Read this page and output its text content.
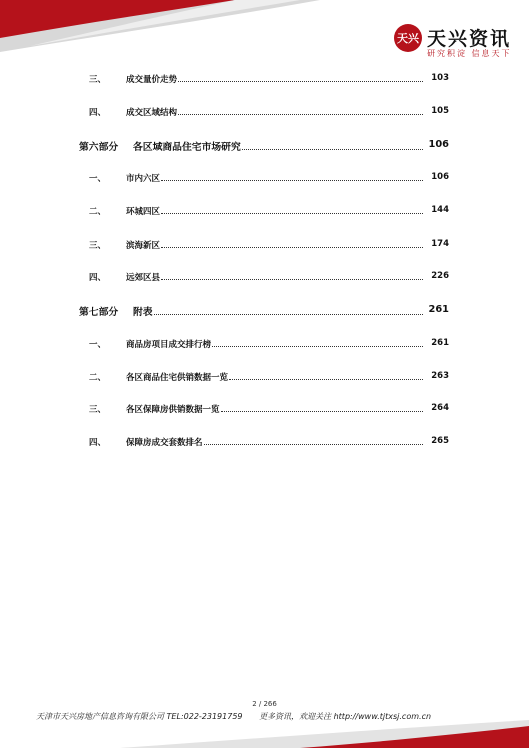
天兴 天兴资讯
研究积淀 信息天下
三、 成交量价走势	103
四、 成交区域结构	105
第六部分 各区域商品住宅市场研究	106
一、 市内六区	106
二、 环城四区	144
三、 滨海新区	174
四、 远郊区县	226
第七部分 附表	261
一、 商品房项目成交排行榜	261
二、 各区商品住宅供销数据一览	263
三、 各区保障房供销数据一览	264
四、 保障房成交套数排名	265
2 / 266
天津市天兴房地产信息咨询有限公司 TEL:022-23191759 更多资讯，欢迎关注 http://www.tjtxsj.com.cn
